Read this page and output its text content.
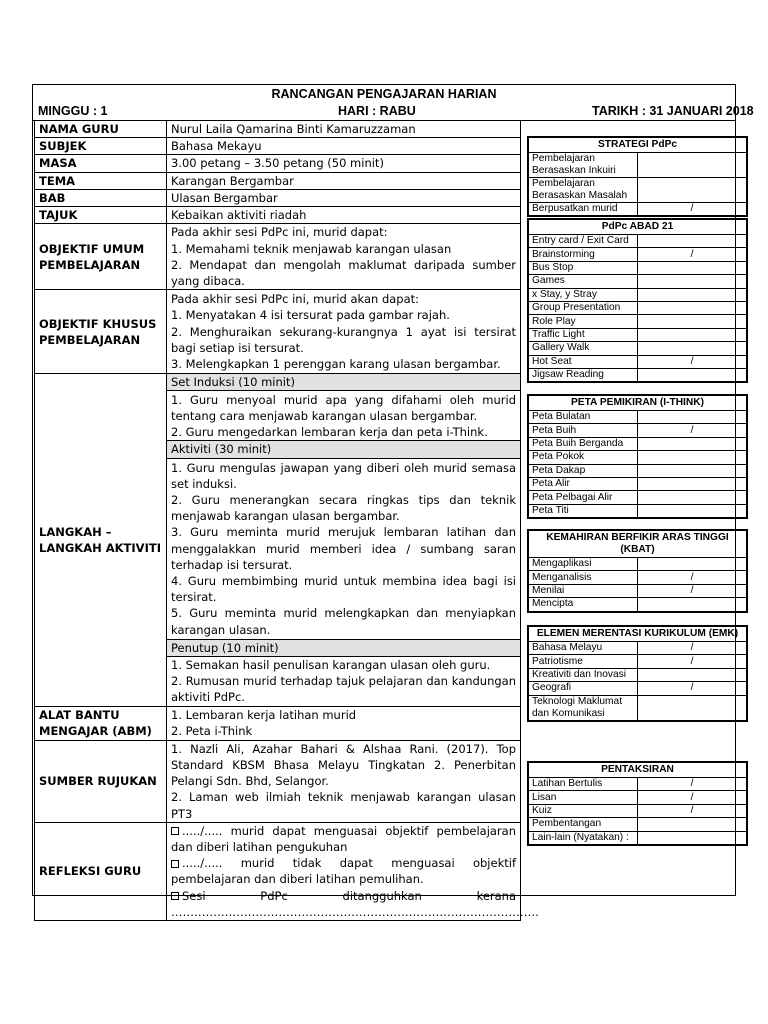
RANCANGAN PENGAJARAN HARIAN
MINGGU : 1	HARI : RABU	TARIKH : 31 JANUARI 2018
NAMA GURU	Nurul Laila Qamarina Binti Kamaruzzaman
SUBJEK	Bahasa Mekayu
MASA	3.00 petang – 3.50 petang (50 minit)
TEMA	Karangan Bergambar
BAB	Ulasan Bergambar
TAJUK	Kebaikan aktiviti riadah
OBJEKTIF UMUM PEMBELAJARAN	Pada akhir sesi PdPc ini, murid dapat:
1. Memahami teknik menjawab karangan ulasan
2. Mendapat dan mengolah maklumat daripada sumber yang dibaca.

OBJEKTIF KHUSUS PEMBELAJARAN	Pada akhir sesi PdPc ini, murid akan dapat:
1. Menyatakan 4 isi tersurat pada gambar rajah.
2. Menghuraikan sekurang-kurangnya 1 ayat isi tersirat bagi setiap isi tersurat.
3. Melengkapkan 1 perenggan karang ulasan bergambar.

LANGKAH – LANGKAH AKTIVITI	Set Induksi (10 minit)

	1. Guru menyoal murid apa yang difahami oleh murid tentang cara menjawab karangan ulasan bergambar.
2. Guru mengedarkan lembaran kerja dan peta i-Think.

	Aktiviti (30 minit)

	1. Guru mengulas jawapan yang diberi oleh murid semasa set induksi.
2. Guru menerangkan secara ringkas tips dan teknik menjawab karangan ulasan bergambar.
3. Guru meminta murid merujuk lembaran latihan dan menggalakkan murid memberi idea / sumbang saran terhadap isi tersurat.
4. Guru membimbing murid untuk membina idea bagi isi tersirat.
5. Guru meminta murid melengkapkan dan menyiapkan karangan ulasan.

	Penutup (10 minit)

	1. Semakan hasil penulisan karangan ulasan oleh guru.
2. Rumusan murid terhadap tajuk pelajaran dan kandungan aktiviti PdPc.

ALAT BANTU MENGAJAR (ABM)	1. Lembaran kerja latihan murid
2. Peta i-Think

SUMBER RUJUKAN	1. Nazli Ali, Azahar Bahari & Alshaa Rani. (2017). Top Standard KBSM Bhasa Melayu Tingkatan 2. Penerbitan Pelangi Sdn. Bhd, Selangor.
2. Laman web ilmiah teknik menjawab karangan ulasan PT3

REFLEKSI GURU	...../..... murid dapat menguasai objektif pembelajaran dan diberi latihan pengukuhan
...../..... murid tidak dapat menguasai objektif pembelajaran dan diberi latihan pemulihan.
Sesi PdPc ditangguhkan kerana ……………………………………………………………………………………
STRATEGI PdPc	
Pembelajaran Berasaskan Inkuiri	
Pembelajaran Berasaskan Masalah	
Berpusatkan murid	/
PdPc ABAD 21	
Entry card / Exit Card	
Brainstorming	/
Bus Stop	
Games	
x Stay, y Stray	
Group Presentation	
Role Play	
Traffic Light	
Gallery Walk	
Hot Seat	/
Jigsaw Reading	
PETA PEMIKIRAN (I-THINK)	
Peta Bulatan	
Peta Buih	/
Peta Buih Berganda	
Peta Pokok	
Peta Dakap	
Peta Alir	
Peta Pelbagai Alir	
Peta Titi	
KEMAHIRAN BERFIKIR ARAS TINGGI (KBAT)	
Mengaplikasi	
Menganalisis	/
Menilai	/
Mencipta	
ELEMEN MERENTASI KURIKULUM (EMK)	
Bahasa Melayu	/
Patriotisme	/
Kreativiti dan Inovasi	
Geografi	/
Teknologi Maklumat dan Komunikasi	
PENTAKSIRAN	
Latihan Bertulis	/
Lisan	/
Kuiz	/
Pembentangan	
Lain-lain (Nyatakan) :	
